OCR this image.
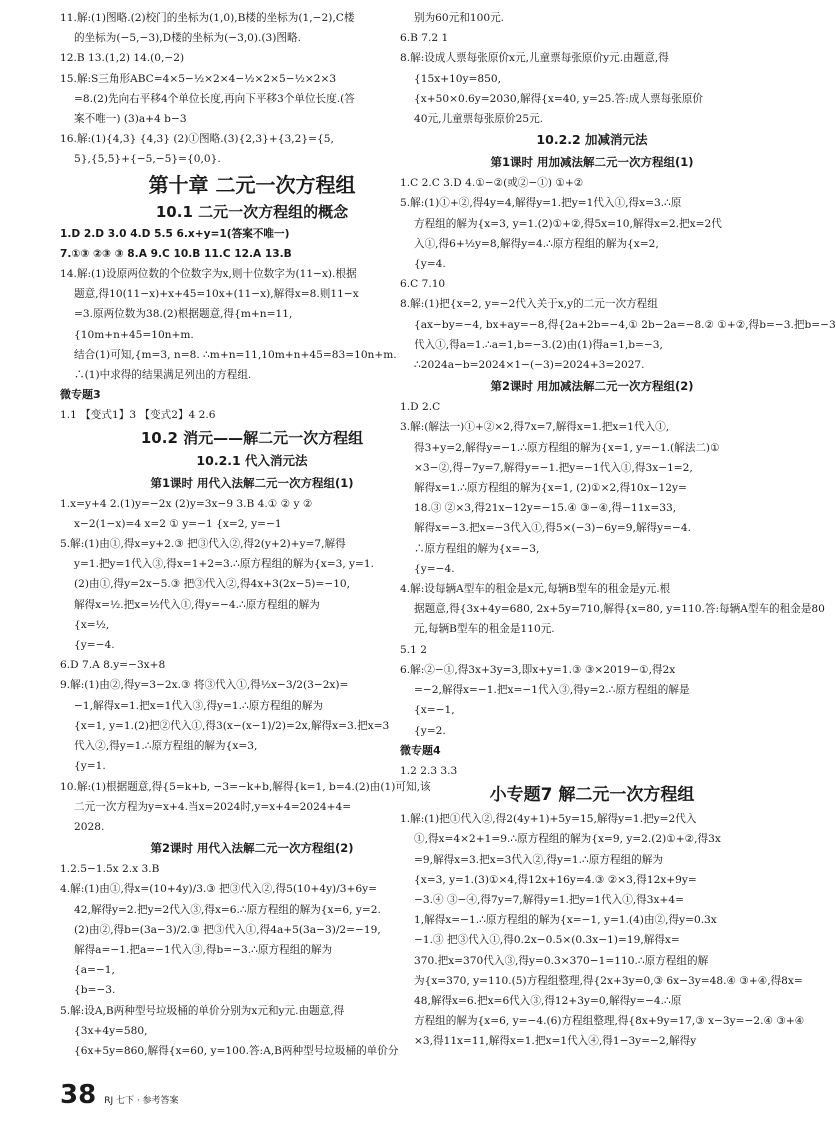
11.解:(1)图略.(2)校门的坐标为(1,0),B楼的坐标为(1,−2),C楼
的坐标为(−5,−3),D楼的坐标为(−3,0).(3)图略.
12.B 13.(1,2) 14.(0,−2)
15.解:S三角形ABC=4×5−½×2×4−½×2×5−½×2×3
=8.(2)先向右平移4个单位长度,再向下平移3个单位长度.(答
案不唯一) (3)a+4 b−3
16.解:(1){4,3} {4,3} (2)①图略.(3){2,3}+{3,2}={5,
5},{5,5}+{−5,−5}={0,0}.
第十章 二元一次方程组
10.1 二元一次方程组的概念
1.D 2.D 3.0 4.D 5.5 6.x+y=1(答案不唯一)
7.①③ ②③ ③ 8.A 9.C 10.B 11.C 12.A 13.B
14.解:(1)设原两位数的个位数字为x,则十位数字为(11−x).根据
题意,得10(11−x)+x+45=10x+(11−x),解得x=8.则11−x
=3.原两位数为38.(2)根据题意,得{m+n=11,
{10m+n+45=10n+m.
结合(1)可知,{m=3, n=8. ∴m+n=11,10m+n+45=83=10n+m.
∴(1)中求得的结果满足列出的方程组.
微专题3
1.1 【变式1】3 【变式2】4 2.6
10.2 消元——解二元一次方程组
10.2.1 代入消元法
第1课时 用代入法解二元一次方程组(1)
1.x=y+4 2.(1)y=−2x (2)y=3x−9 3.B 4.① ② y ②
x−2(1−x)=4 x=2 ① y=−1 {x=2, y=−1
5.解:(1)由①,得x=y+2.③ 把③代入②,得2(y+2)+y=7,解得
y=1.把y=1代入③,得x=1+2=3.∴原方程组的解为{x=3, y=1.
(2)由①,得y=2x−5.③ 把③代入②,得4x+3(2x−5)=−10,
解得x=½.把x=½代入①,得y=−4.∴原方程组的解为
{x=½,
{y=−4.
6.D 7.A 8.y=−3x+8
9.解:(1)由②,得y=3−2x.③ 将③代入①,得½x−3/2(3−2x)=
−1,解得x=1.把x=1代入③,得y=1.∴原方程组的解为
{x=1, y=1.(2)把②代入①,得3(x−(x−1)/2)=2x,解得x=3.把x=3
代入②,得y=1.∴原方程组的解为{x=3,
{y=1.
10.解:(1)根据题意,得{5=k+b, −3=−k+b,解得{k=1, b=4.(2)由(1)可知,该
二元一次方程为y=x+4.当x=2024时,y=x+4=2024+4=
2028.
第2课时 用代入法解二元一次方程组(2)
1.2.5−1.5x 2.x 3.B
4.解:(1)由①,得x=(10+4y)/3.③ 把③代入②,得5(10+4y)/3+6y=
42,解得y=2.把y=2代入③,得x=6.∴原方程组的解为{x=6, y=2.
(2)由②,得b=(3a−3)/2.③ 把③代入①,得4a+5(3a−3)/2=−19,
解得a=−1.把a=−1代入③,得b=−3.∴原方程组的解为
{a=−1,
{b=−3.
5.解:设A,B两种型号垃圾桶的单价分别为x元和y元.由题意,得
{3x+4y=580,
{6x+5y=860,解得{x=60, y=100.答:A,B两种型号垃圾桶的单价分
别为60元和100元.
6.B 7.2 1
8.解:设成人票每张原价x元,儿童票每张原价y元.由题意,得
{15x+10y=850,
{x+50×0.6y=2030,解得{x=40, y=25.答:成人票每张原价
40元,儿童票每张原价25元.
10.2.2 加减消元法
第1课时 用加减法解二元一次方程组(1)
1.C 2.C 3.D 4.①−②(或②−①) ①+②
5.解:(1)①+②,得4y=4,解得y=1.把y=1代入①,得x=3.∴原
方程组的解为{x=3, y=1.(2)①+②,得5x=10,解得x=2.把x=2代
入①,得6+½y=8,解得y=4.∴原方程组的解为{x=2,
{y=4.
6.C 7.10
8.解:(1)把{x=2, y=−2代入关于x,y的二元一次方程组
{ax−by=−4, bx+ay=−8,得{2a+2b=−4,① 2b−2a=−8.② ①+②,得b=−3.把b=−3
代入①,得a=1.∴a=1,b=−3.(2)由(1)得a=1,b=−3,
∴2024a−b=2024×1−(−3)=2024+3=2027.
第2课时 用加减法解二元一次方程组(2)
1.D 2.C
3.解:(解法一)①+②×2,得7x=7,解得x=1.把x=1代入①,
得3+y=2,解得y=−1.∴原方程组的解为{x=1, y=−1.(解法二)①
×3−②,得−7y=7,解得y=−1.把y=−1代入①,得3x−1=2,
解得x=1.∴原方程组的解为{x=1, (2)①×2,得10x−12y=
18.③ ②×3,得21x−12y=−15.④ ③−④,得−11x=33,
解得x=−3.把x=−3代入①,得5×(−3)−6y=9,解得y=−4.
∴原方程组的解为{x=−3,
{y=−4.
4.解:设每辆A型车的租金是x元,每辆B型车的租金是y元.根
据题意,得{3x+4y=680, 2x+5y=710,解得{x=80, y=110.答:每辆A型车的租金是80
元,每辆B型车的租金是110元.
5.1 2
6.解:②−①,得3x+3y=3,即x+y=1.③ ③×2019−①,得2x
=−2,解得x=−1.把x=−1代入③,得y=2.∴原方程组的解是
{x=−1,
{y=2.
微专题4
1.2 2.3 3.3
小专题7 解二元一次方程组
1.解:(1)把①代入②,得2(4y+1)+5y=15,解得y=1.把y=2代入
①,得x=4×2+1=9.∴原方程组的解为{x=9, y=2.(2)①+②,得3x
=9,解得x=3.把x=3代入②,得y=1.∴原方程组的解为
{x=3, y=1.(3)①×4,得12x+16y=4.③ ②×3,得12x+9y=
−3.④ ③−④,得7y=7,解得y=1.把y=1代入①,得3x+4=
1,解得x=−1.∴原方程组的解为{x=−1, y=1.(4)由②,得y=0.3x
−1.③ 把③代入①,得0.2x−0.5×(0.3x−1)=19,解得x=
370.把x=370代入③,得y=0.3×370−1=110.∴原方程组的解
为{x=370, y=110.(5)方程组整理,得{2x+3y=0,③ 6x−3y=48.④ ③+④,得8x=
48,解得x=6.把x=6代入③,得12+3y=0,解得y=−4.∴原
方程组的解为{x=6, y=−4.(6)方程组整理,得{8x+9y=17,③ x−3y=−2.④ ③+④
×3,得11x=11,解得x=1.把x=1代入④,得1−3y=−2,解得y
38 RJ 七下 · 参考答案
